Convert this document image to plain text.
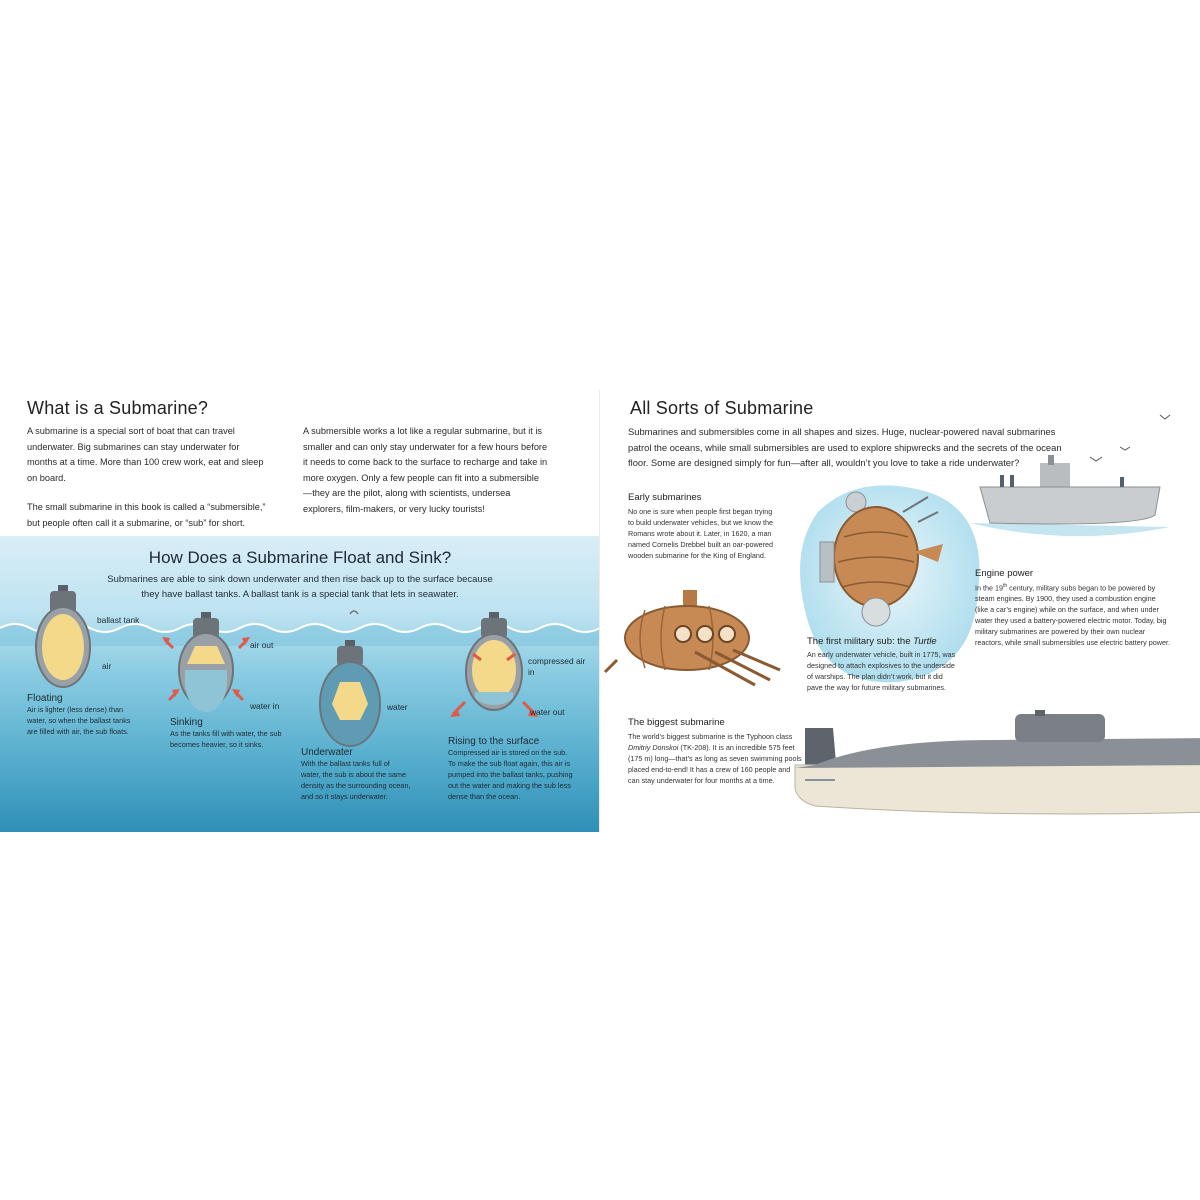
What is a Submarine?

A submarine is a special sort of boat that can travel underwater. Big submarines can stay underwater for months at a time. More than 100 crew work, eat and sleep on board.

The small submarine in this book is called a “submersible,” but people often call it a submarine, or “sub” for short.

A submersible works a lot like a regular submarine, but it is smaller and can only stay underwater for a few hours before it needs to come back to the surface to recharge and take in more oxygen. Only a few people can fit into a submersible—they are the pilot, along with scientists, undersea explorers, film-makers, or very lucky tourists!

How Does a Submarine Float and Sink?
Submarines are able to sink down underwater and then rise back up to the surface because they have ballast tanks. A ballast tank is a special tank that lets in seawater.
ballast tank
air
air out
water in	water
compressed air in
water out
Floating
Air is lighter (less dense) than water, so when the ballast tanks are filled with air, the sub floats.
Sinking
As the tanks fill with water, the sub becomes heavier, so it sinks.
Underwater
With the ballast tanks full of water, the sub is about the same density as the surrounding ocean, and so it stays underwater.
Rising to the surface
Compressed air is stored on the sub. To make the sub float again, this air is pumped into the ballast tanks, pushing out the water and making the sub less dense than the ocean.
All Sorts of Submarine
Submarines and submersibles come in all shapes and sizes. Huge, nuclear-powered naval submarines patrol the oceans, while small submersibles are used to explore shipwrecks and the secrets of the ocean floor. Some are designed simply for fun—after all, wouldn’t you love to take a ride underwater?
Early submarines
No one is sure when people first began trying to build underwater vehicles, but we know the Romans wrote about it. Later, in 1620, a man named Cornelis Drebbel built an oar-powered wooden submarine for the King of England.
The first military sub: the Turtle
An early underwater vehicle, built in 1775, was designed to attach explosives to the underside of warships. The plan didn’t work, but it did pave the way for future military submarines.
Engine power
In the 19th century, military subs began to be powered by steam engines. By 1900, they used a combustion engine (like a car’s engine) while on the surface, and when under water they used a battery-powered electric motor. Today, big military submarines are powered by their own nuclear reactors, while small submersibles use electric battery power.
The biggest submarine
The world’s biggest submarine is the Typhoon class Dmitriy Donskoi (TK-208). It is an incredible 575 feet (175 m) long—that’s as long as seven swimming pools placed end-to-end! It has a crew of 160 people and can stay underwater for four months at a time.
